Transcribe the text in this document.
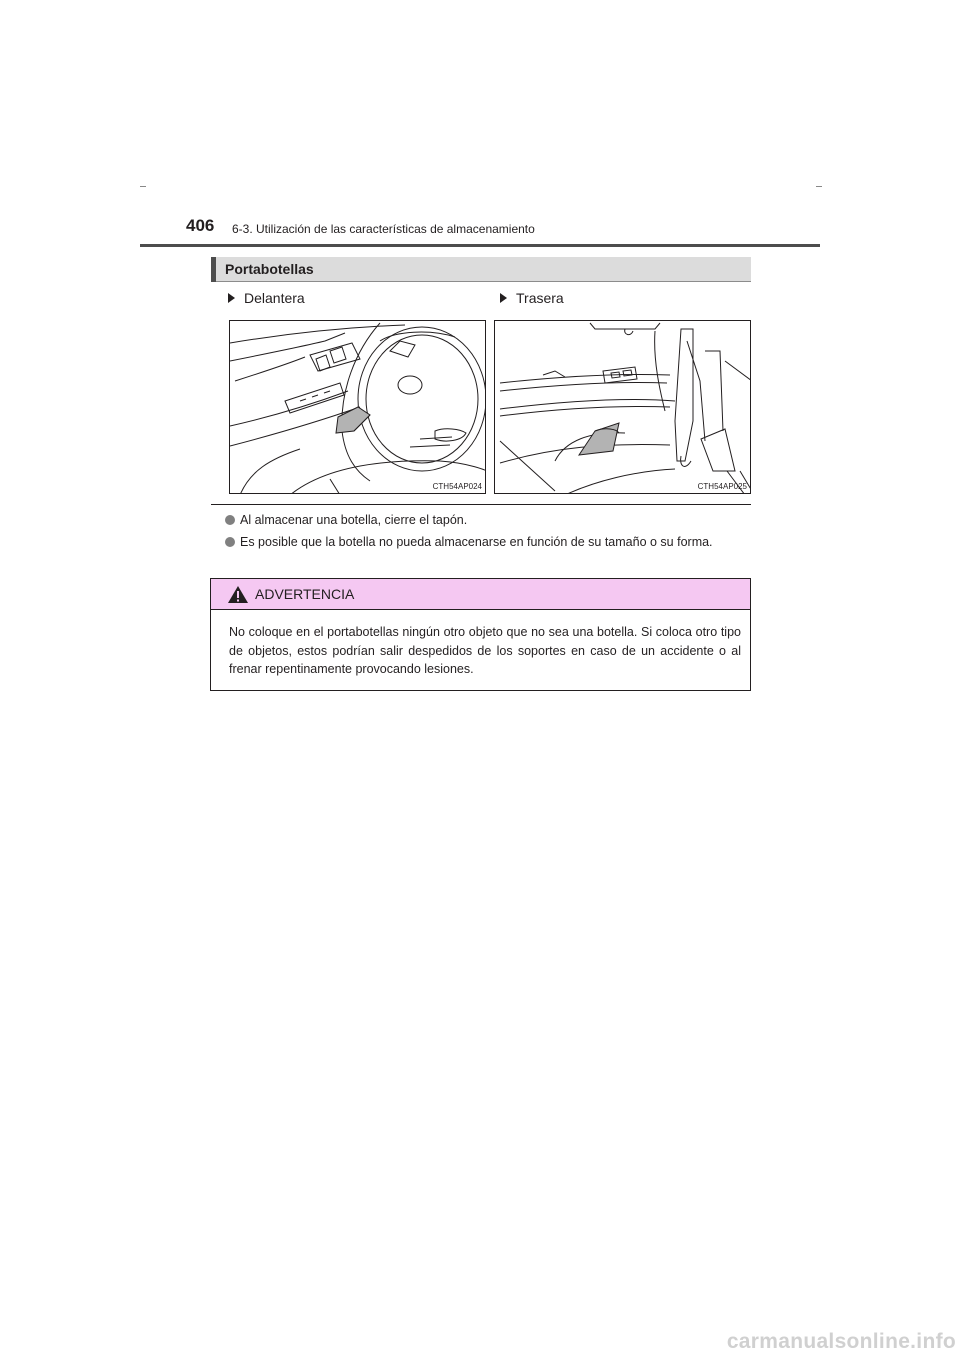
406 6-3. Utilización de las características de almacenamiento
Portabotellas
Delantera	Trasera
CTH54AP024	CTH54AP025
Al almacenar una botella, cierre el tapón.
Es posible que la botella no pueda almacenarse en función de su tamaño o su forma.
ADVERTENCIA
No coloque en el portabotellas ningún otro objeto que no sea una botella. Si coloca otro tipo de objetos, estos podrían salir despedidos de los soportes en caso de un accidente o al frenar repentinamente provocando lesiones.
carmanualsonline.info
